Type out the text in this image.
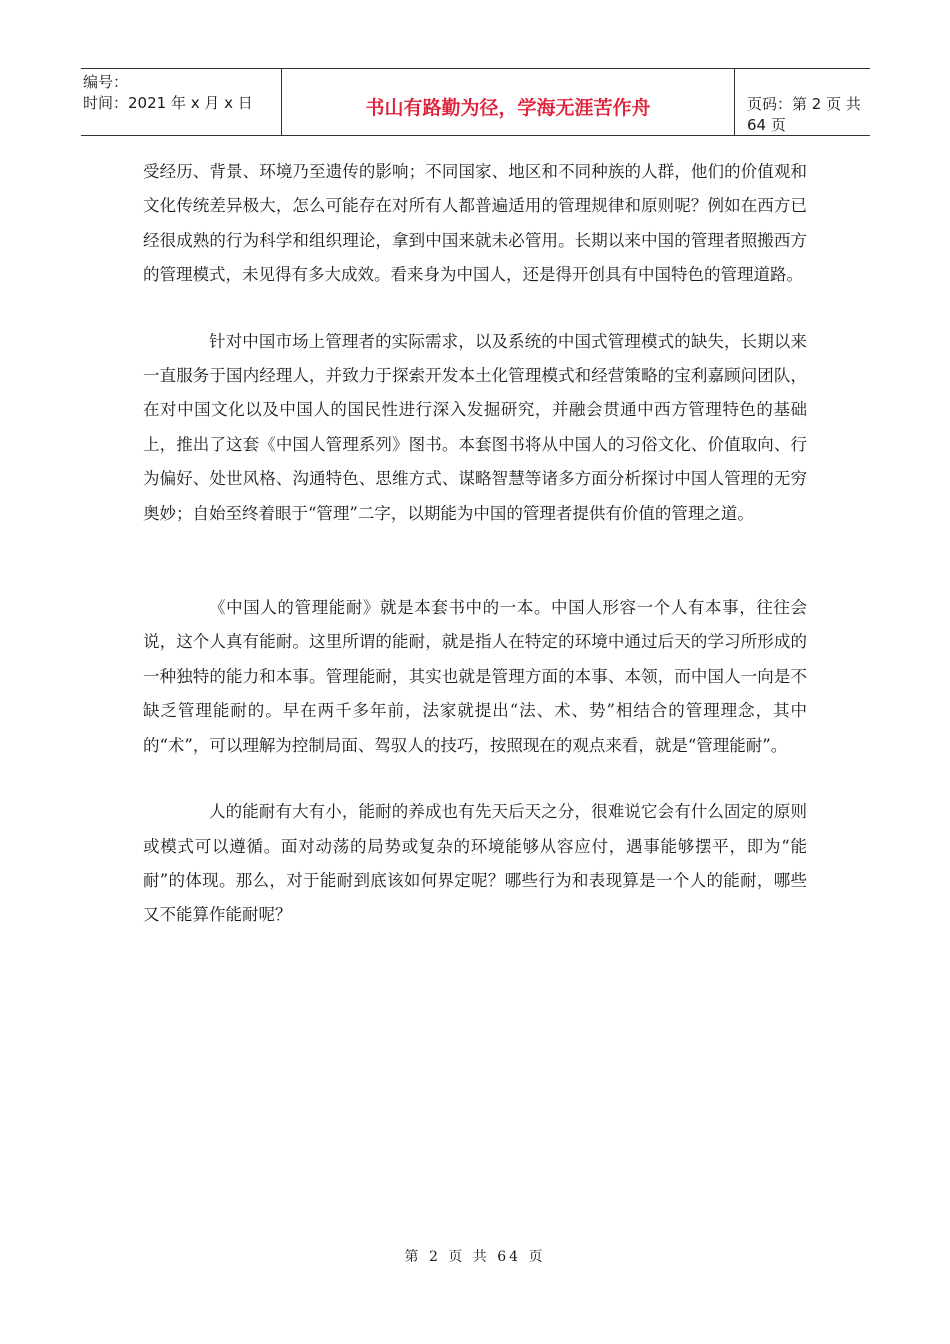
编号：
时间：2021 年 x 月 x 日	书山有路勤为径，学海无涯苦作舟	页码：第 2 页 共 64 页

受经历、背景、环境乃至遗传的影响；不同国家、地区和不同种族的人群，他们的价值观和文化传统差异极大，怎么可能存在对所有人都普遍适用的管理规律和原则呢？例如在西方已经很成熟的行为科学和组织理论，拿到中国来就未必管用。长期以来中国的管理者照搬西方的管理模式，未见得有多大成效。看来身为中国人，还是得开创具有中国特色的管理道路。

针对中国市场上管理者的实际需求，以及系统的中国式管理模式的缺失，长期以来一直服务于国内经理人，并致力于探索开发本土化管理模式和经营策略的宝利嘉顾问团队，在对中国文化以及中国人的国民性进行深入发掘研究，并融会贯通中西方管理特色的基础上，推出了这套《中国人管理系列》图书。本套图书将从中国人的习俗文化、价值取向、行为偏好、处世风格、沟通特色、思维方式、谋略智慧等诸多方面分析探讨中国人管理的无穷奥妙；自始至终着眼于“管理”二字，以期能为中国的管理者提供有价值的管理之道。

《中国人的管理能耐》就是本套书中的一本。中国人形容一个人有本事，往往会说，这个人真有能耐。这里所谓的能耐，就是指人在特定的环境中通过后天的学习所形成的一种独特的能力和本事。管理能耐，其实也就是管理方面的本事、本领，而中国人一向是不缺乏管理能耐的。早在两千多年前，法家就提出“法、术、势”相结合的管理理念，其中的“术”，可以理解为控制局面、驾驭人的技巧，按照现在的观点来看，就是“管理能耐”。

人的能耐有大有小，能耐的养成也有先天后天之分，很难说它会有什么固定的原则或模式可以遵循。面对动荡的局势或复杂的环境能够从容应付，遇事能够摆平，即为“能耐”的体现。那么，对于能耐到底该如何界定呢？哪些行为和表现算是一个人的能耐，哪些又不能算作能耐呢？

第 2 页 共 64 页
